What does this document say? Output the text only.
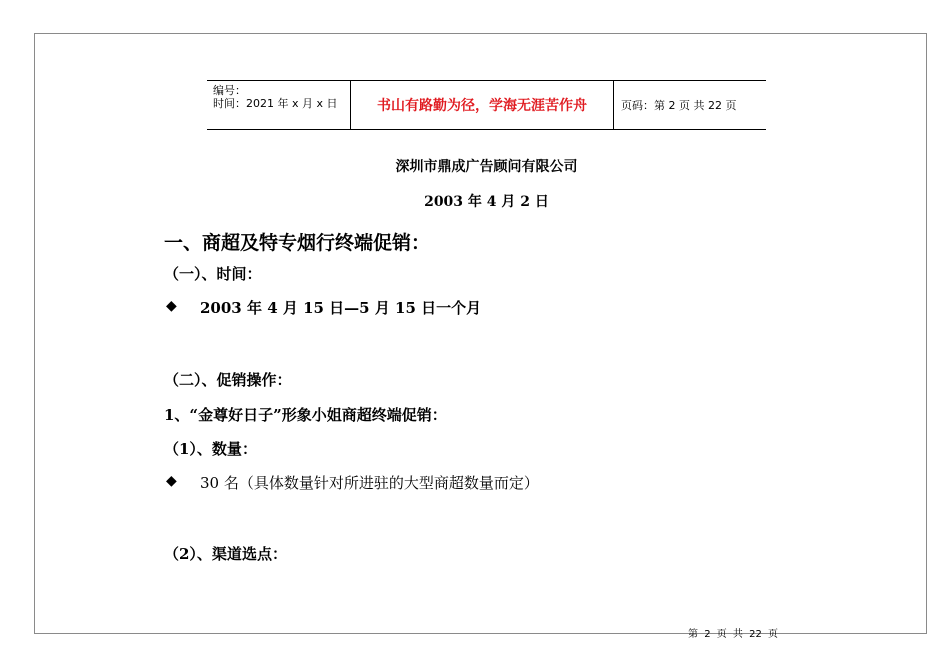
编号：
时间：2021 年 x 月 x 日	书山有路勤为径，学海无涯苦作舟	页码：第 2 页 共 22 页
深圳市鼎成广告顾问有限公司
2003 年 4 月 2 日
一、商超及特专烟行终端促销：
（一）、时间：
◆ 2003 年 4 月 15 日—5 月 15 日一个月
（二）、促销操作：
1、“金尊好日子”形象小姐商超终端促销：
（1）、数量：
◆ 30 名（具体数量针对所进驻的大型商超数量而定）
（2）、渠道选点：
第 2 页 共 22 页
